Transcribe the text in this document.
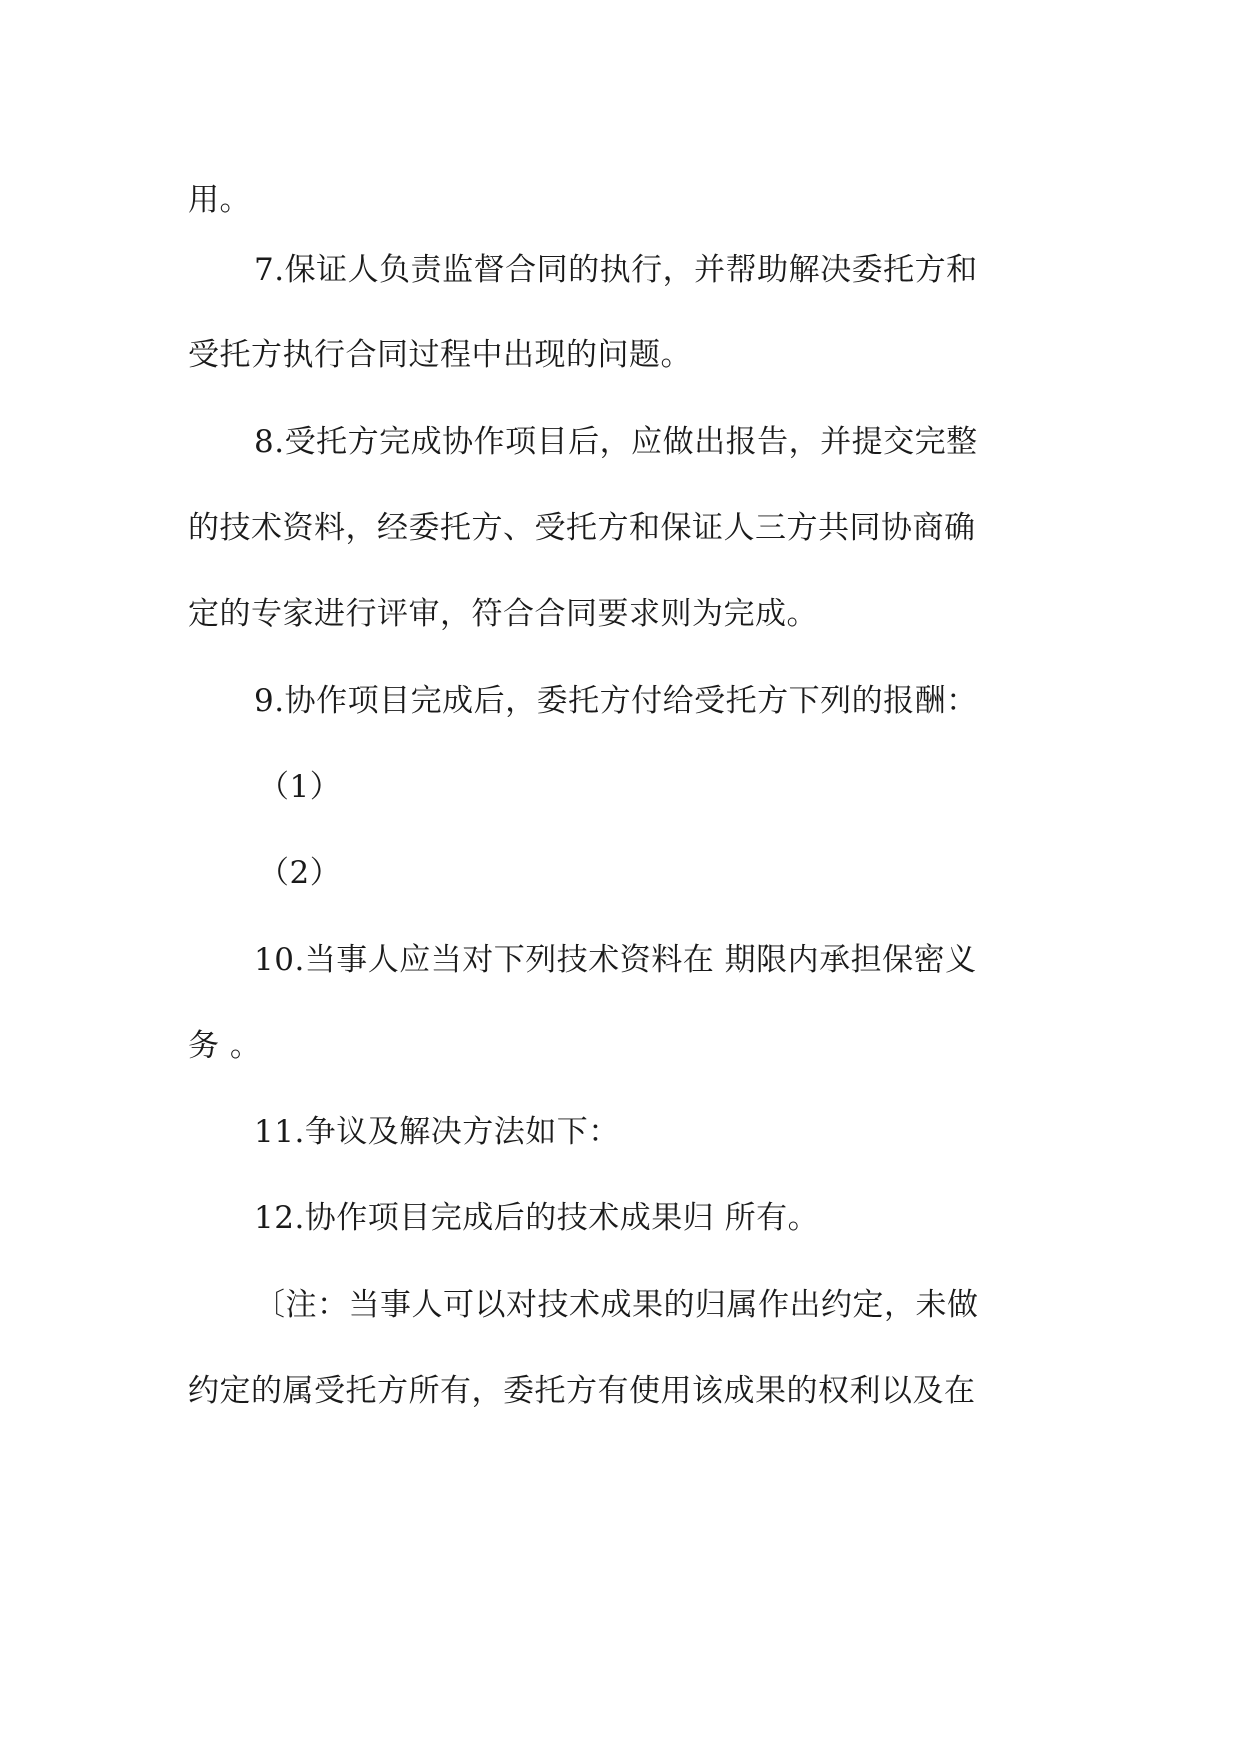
用。
7.保证人负责监督合同的执行，并帮助解决委托方和
受托方执行合同过程中出现的问题。
8.受托方完成协作项目后，应做出报告，并提交完整
的技术资料，经委托方、受托方和保证人三方共同协商确
定的专家进行评审，符合合同要求则为完成。
9.协作项目完成后，委托方付给受托方下列的报酬：
（1）
（2）
10.当事人应当对下列技术资料在 期限内承担保密义
务 。
11.争议及解决方法如下：
12.协作项目完成后的技术成果归 所有。
〔注：当事人可以对技术成果的归属作出约定，未做
约定的属受托方所有，委托方有使用该成果的权利以及在
